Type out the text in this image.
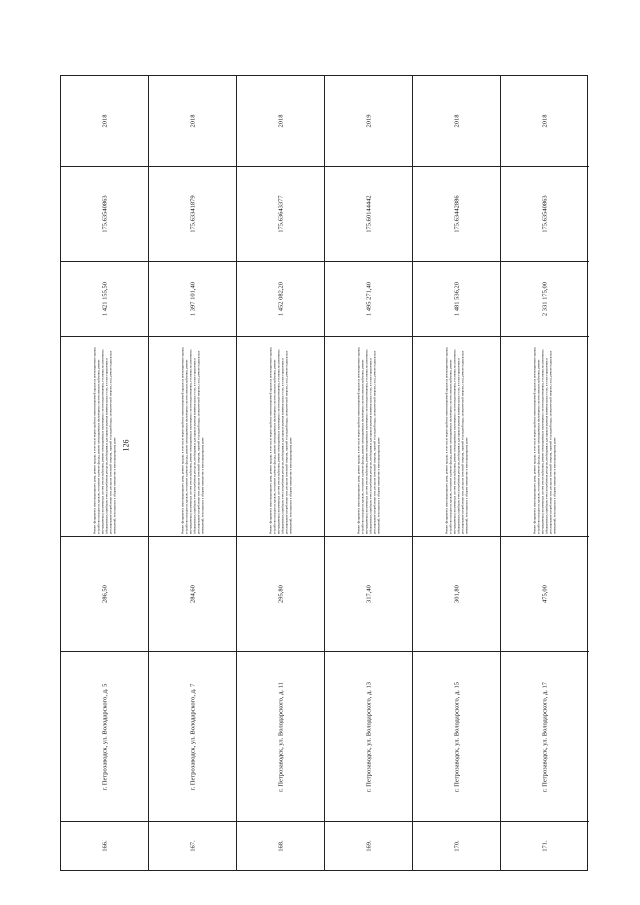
126
2018
175.63540863
1 421 155,50
Ремонт фундамента многоквартирного дома, ремонт крыши, в том числе переустройство невентилируемой крыши на вентилируемую крышу, устройство выходов на кровлю, утепление и ремонт фасада, ремонт внутридомовых инженерных систем электроснабжения, ремонт внутридомовых инженерных систем теплоснабжения, ремонт внутридомовых инженерных систем водоотведения, установка коллективных (общедомовых) приборов учета потребления ресурсов, необходимых для предоставления коммунальных услуг, и узлов управления и регулирования потребления этих ресурсов (тепловой энергии, горячей и холодной воды, электрической энергии, газа), ремонт подвальных помещений, относящихся к общему имуществу в многоквартирном доме
286,50
г. Петрозаводск, ул. Володарского, д. 5
166.
2018
175.63341879
1 397 101,40
Ремонт фундамента многоквартирного дома, ремонт крыши, в том числе переустройство невентилируемой крыши на вентилируемую крышу, устройство выходов на кровлю, утепление и ремонт фасада, ремонт внутридомовых инженерных систем электроснабжения, ремонт внутридомовых инженерных систем теплоснабжения, ремонт внутридомовых инженерных систем водоотведения, установка коллективных (общедомовых) приборов учета потребления ресурсов, необходимых для предоставления коммунальных услуг, и узлов управления и регулирования потребления этих ресурсов (тепловой энергии, горячей и холодной воды, электрической энергии, газа), ремонт подвальных помещений, относящихся к общему имуществу в многоквартирном доме
284,60
г. Петрозаводск, ул. Володарского, д. 7
167.
2018
175.63643377
1 452 082,20
Ремонт фундамента многоквартирного дома, ремонт крыши, в том числе переустройство невентилируемой крыши на вентилируемую крышу, устройство выходов на кровлю, утепление и ремонт фасада, ремонт внутридомовых инженерных систем электроснабжения, ремонт внутридомовых инженерных систем теплоснабжения, ремонт внутридомовых инженерных систем водоотведения, установка коллективных (общедомовых) приборов учета потребления ресурсов, необходимых для предоставления коммунальных услуг, и узлов управления и регулирования потребления этих ресурсов (тепловой энергии, горячей и холодной воды, электрической энергии, газа), ремонт подвальных помещений, относящихся к общему имуществу в многоквартирном доме
295,80
г. Петрозаводск, ул. Володарского, д. 11
168.
2019
175.60144442
1 495 271,40
Ремонт фундамента многоквартирного дома, ремонт крыши, в том числе переустройство невентилируемой крыши на вентилируемую крышу, устройство выходов на кровлю, утепление и ремонт фасада, ремонт внутридомовых инженерных систем электроснабжения, ремонт внутридомовых инженерных систем теплоснабжения, ремонт внутридомовых инженерных систем водоотведения, установка коллективных (общедомовых) приборов учета потребления ресурсов, необходимых для предоставления коммунальных услуг, и узлов управления и регулирования потребления этих ресурсов (тепловой энергии, горячей и холодной воды, электрической энергии, газа), ремонт подвальных помещений, относящихся к общему имуществу в многоквартирном доме
317,40
г. Петрозаводск, ул. Володарского, д. 13
169.
2018
175.63442886
1 481 536,20
Ремонт фундамента многоквартирного дома, ремонт крыши, в том числе переустройство невентилируемой крыши на вентилируемую крышу, устройство выходов на кровлю, утепление и ремонт фасада, ремонт внутридомовых инженерных систем электроснабжения, ремонт внутридомовых инженерных систем теплоснабжения, ремонт внутридомовых инженерных систем водоотведения, установка коллективных (общедомовых) приборов учета потребления ресурсов, необходимых для предоставления коммунальных услуг, и узлов управления и регулирования потребления этих ресурсов (тепловой энергии, горячей и холодной воды, электрической энергии, газа), ремонт подвальных помещений, относящихся к общему имуществу в многоквартирном доме
301,80
г. Петрозаводск, ул. Володарского, д. 15
170.
2018
175.63540863
2 331 175,00
Ремонт фундамента многоквартирного дома, ремонт крыши, в том числе переустройство невентилируемой крыши на вентилируемую крышу, устройство выходов на кровлю, утепление и ремонт фасада, ремонт внутридомовых инженерных систем электроснабжения, ремонт внутридомовых инженерных систем теплоснабжения, ремонт внутридомовых инженерных систем водоотведения, установка коллективных (общедомовых) приборов учета потребления ресурсов, необходимых для предоставления коммунальных услуг, и узлов управления и регулирования потребления этих ресурсов (тепловой энергии, горячей и холодной воды, электрической энергии, газа), ремонт подвальных помещений, относящихся к общему имуществу в многоквартирном доме
475,00
г. Петрозаводск, ул. Володарского, д. 17
171.
